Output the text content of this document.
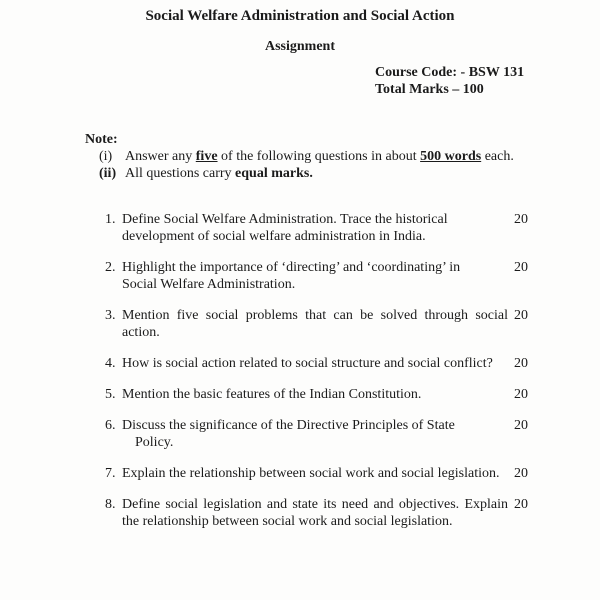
Social Welfare Administration and Social Action
Assignment
Course Code: - BSW 131
Total Marks – 100
Note:
(i) Answer any five of the following questions in about 500 words each.
(ii) All questions carry equal marks.
1. Define Social Welfare Administration. Trace the historical
development of social welfare administration in India.
20
2. Highlight the importance of ‘directing’ and ‘coordinating’ in
Social Welfare Administration.
20
3. Mention five social problems that can be solved through social
action.
20
4. How is social action related to social structure and social conflict?	20
5. Mention the basic features of the Indian Constitution.	20
6. Discuss the significance of the Directive Principles of State
Policy.
20
7. Explain the relationship between social work and social legislation.	20
8. Define social legislation and state its need and objectives. Explain
the relationship between social work and social legislation.
20
